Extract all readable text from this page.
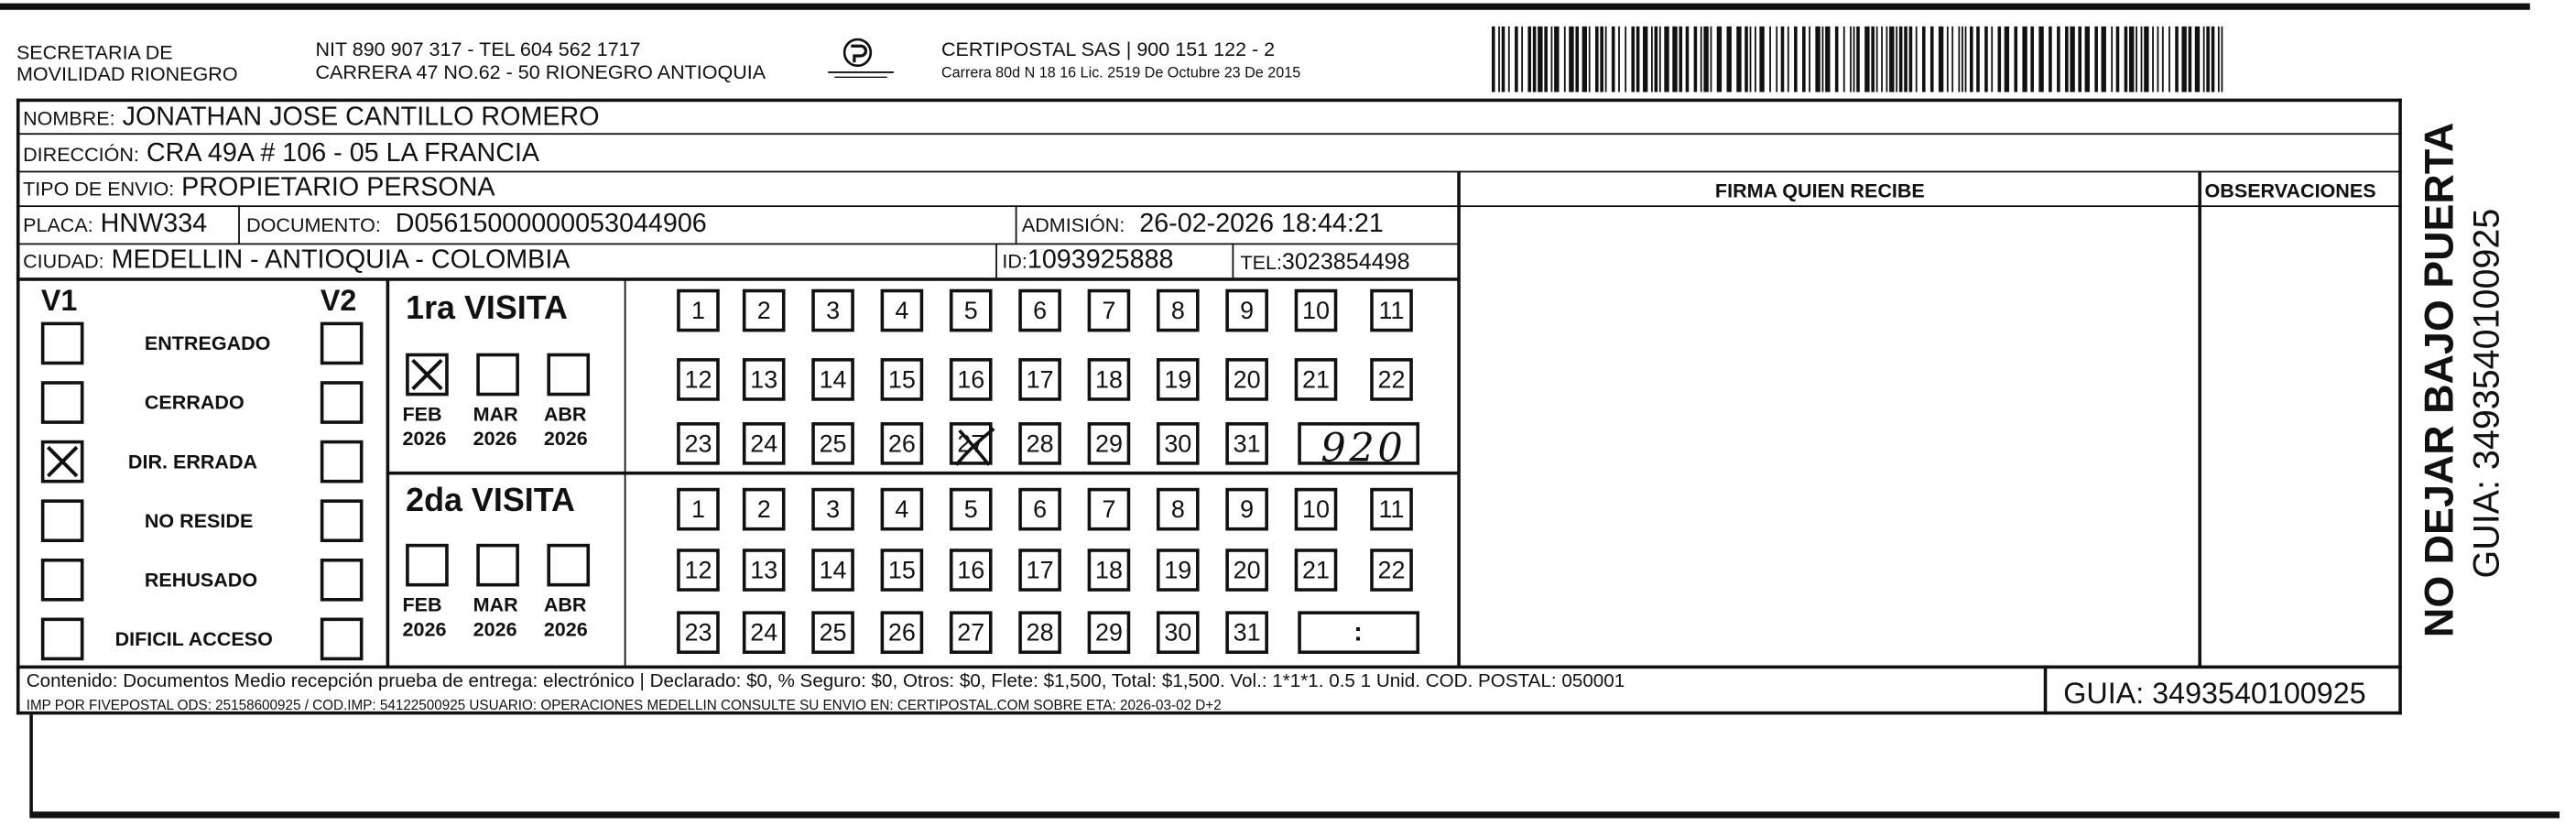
SECRETARIA DE
MOVILIDAD RIONEGRO
NIT 890 907 317 - TEL 604 562 1717
CARRERA 47 NO.62 - 50 RIONEGRO ANTIOQUIA
CERTIPOSTAL SAS | 900 151 122 - 2
Carrera 80d N 18 16 Lic. 2519 De Octubre 23 De 2015
NOMBRE: JONATHAN JOSE CANTILLO ROMERO
DIRECCIÓN: CRA 49A # 106 - 05 LA FRANCIA
TIPO DE ENVIO: PROPIETARIO PERSONA
PLACA: HNW334	DOCUMENTO: D05615000000053044906	ADMISIÓN: 26-02-2026 18:44:21
CIUDAD: MEDELLIN - ANTIOQUIA - COLOMBIA	ID:1093925888	TEL:3023854498
FIRMA QUIEN RECIBE	OBSERVACIONES
V1	V2
ENTREGADO
CERRADO
DIR. ERRADA
NO RESIDE
REHUSADO
DIFICIL ACCESO
1ra VISITA
2da VISITA
FEB
2026
MAR
2026
ABR
2026
FEB
2026
MAR
2026
ABR
2026
1	2	3	4	5	6	7	8	9	10	11
12	13	14	15	16	17	18	19	20	21	22
23	24	25	26	27	28	29	30	31	920
1	2	3	4	5	6	7	8	9	10	11
12	13	14	15	16	17	18	19	20	21	22
23	24	25	26	27	28	29	30	31	:
Contenido: Documentos Medio recepción prueba de entrega: electrónico | Declarado: $0, % Seguro: $0, Otros: $0, Flete: $1,500, Total: $1,500. Vol.: 1*1*1. 0.5 1 Unid. COD. POSTAL: 050001
IMP POR FIVEPOSTAL ODS: 25158600925 / COD.IMP: 54122500925 USUARIO: OPERACIONES MEDELLIN CONSULTE SU ENVIO EN: CERTIPOSTAL.COM SOBRE ETA: 2026-03-02 D+2	GUIA: 3493540100925
NO DEJAR BAJO PUERTA GUIA: 3493540100925
